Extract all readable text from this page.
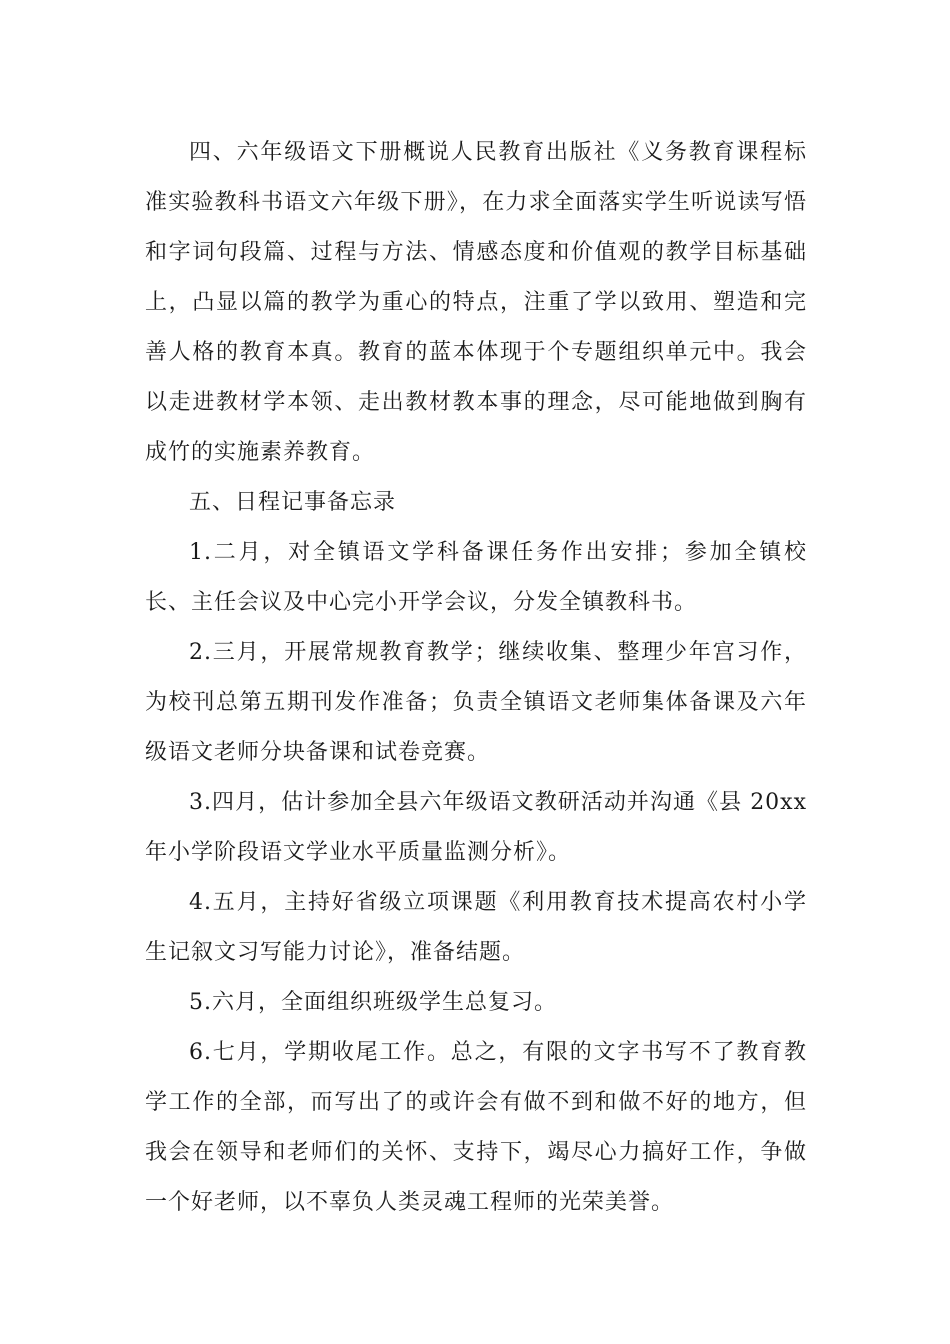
四、六年级语文下册概说人民教育出版社《义务教育课程标准实验教科书语文六年级下册》，在力求全面落实学生听说读写悟和字词句段篇、过程与方法、情感态度和价值观的教学目标基础上，凸显以篇的教学为重心的特点，注重了学以致用、塑造和完善人格的教育本真。教育的蓝本体现于个专题组织单元中。我会以走进教材学本领、走出教材教本事的理念，尽可能地做到胸有成竹的实施素养教育。

五、日程记事备忘录

1.二月，对全镇语文学科备课任务作出安排；参加全镇校长、主任会议及中心完小开学会议，分发全镇教科书。

2.三月，开展常规教育教学；继续收集、整理少年宫习作，为校刊总第五期刊发作准备；负责全镇语文老师集体备课及六年级语文老师分块备课和试卷竞赛。

3.四月，估计参加全县六年级语文教研活动并沟通《县 20xx 年小学阶段语文学业水平质量监测分析》。

4.五月，主持好省级立项课题《利用教育技术提高农村小学生记叙文习写能力讨论》，准备结题。

5.六月，全面组织班级学生总复习。

6.七月，学期收尾工作。总之，有限的文字书写不了教育教学工作的全部，而写出了的或许会有做不到和做不好的地方，但我会在领导和老师们的关怀、支持下，竭尽心力搞好工作，争做一个好老师，以不辜负人类灵魂工程师的光荣美誉。
